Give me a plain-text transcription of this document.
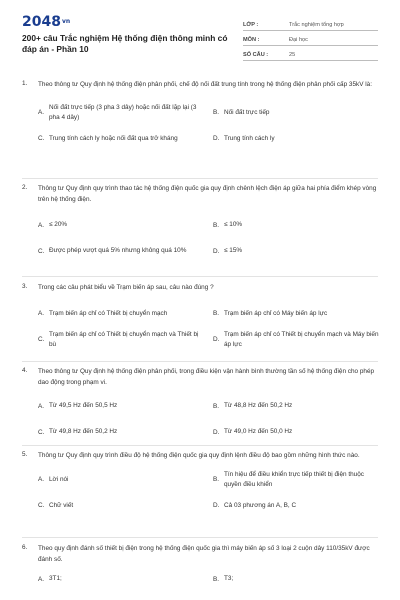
$2048^{vn}$
200+ câu Trắc nghiệm Hệ thống điện thông minh có đáp án - Phần 10
LỚP :	Trắc nghiệm tổng hợp
MÔN :	Đại học
SỐ CÂU :	25
1.	Theo thông tư Quy định hệ thống điện phân phối, chế độ nối đất trung tính trong hệ thống điện phân phối cấp 35kV là:
A.
Nối đất trực tiếp (3 pha 3 dây) hoặc nối đất lặp lại (3 pha 4 dây)
B. Nối đất trực tiếp
C. Trung tính cách ly hoặc nối đất qua trở kháng	D. Trung tính cách ly
2.	Thông tư Quy định quy trình thao tác hệ thống điện quốc gia quy định chênh lệch điện áp giữa hai phía điểm khép vòng trên hệ thống điện.
A. ≤ 20%	B. ≤ 10%
C. Được phép vượt quá 5% nhưng không quá 10%	D. ≤ 15%
3.	Trong các câu phát biểu về Trạm biến áp sau, câu nào đúng ?
A. Trạm biến áp chỉ có Thiết bị chuyển mạch	B. Trạm biến áp chỉ có Máy biến áp lực
C.
Trạm biến áp chỉ có Thiết bị chuyển mạch và Thiết bị bù
D.
Trạm biến áp chỉ có Thiết bị chuyển mạch và Máy biến áp lực
4.	Theo thông tư Quy định hệ thống điện phân phối, trong điều kiện vận hành bình thường tần số hệ thống điện cho phép dao động trong phạm vi.
A. Từ 49,5 Hz đến 50,5 Hz	B. Từ 48,8 Hz đến 50,2 Hz
C. Từ 49,8 Hz đến 50,2 Hz	D. Từ 49,0 Hz đến 50,0 Hz
5.	Thông tư Quy định quy trình điều độ hệ thống điện quốc gia quy định lệnh điều độ bao gồm những hình thức nào.
A. Lời nói	B.
Tín hiệu để điều khiển trực tiếp thiết bị điện thuộc quyền điều khiển
C. Chữ viết	D. Cả 03 phương án A, B, C
6.	Theo quy định đánh số thiết bị điện trong hệ thống điện quốc gia thì máy biến áp số 3 loại 2 cuộn dây 110/35kV được đánh số.
A. 3T1;	B. T3;
